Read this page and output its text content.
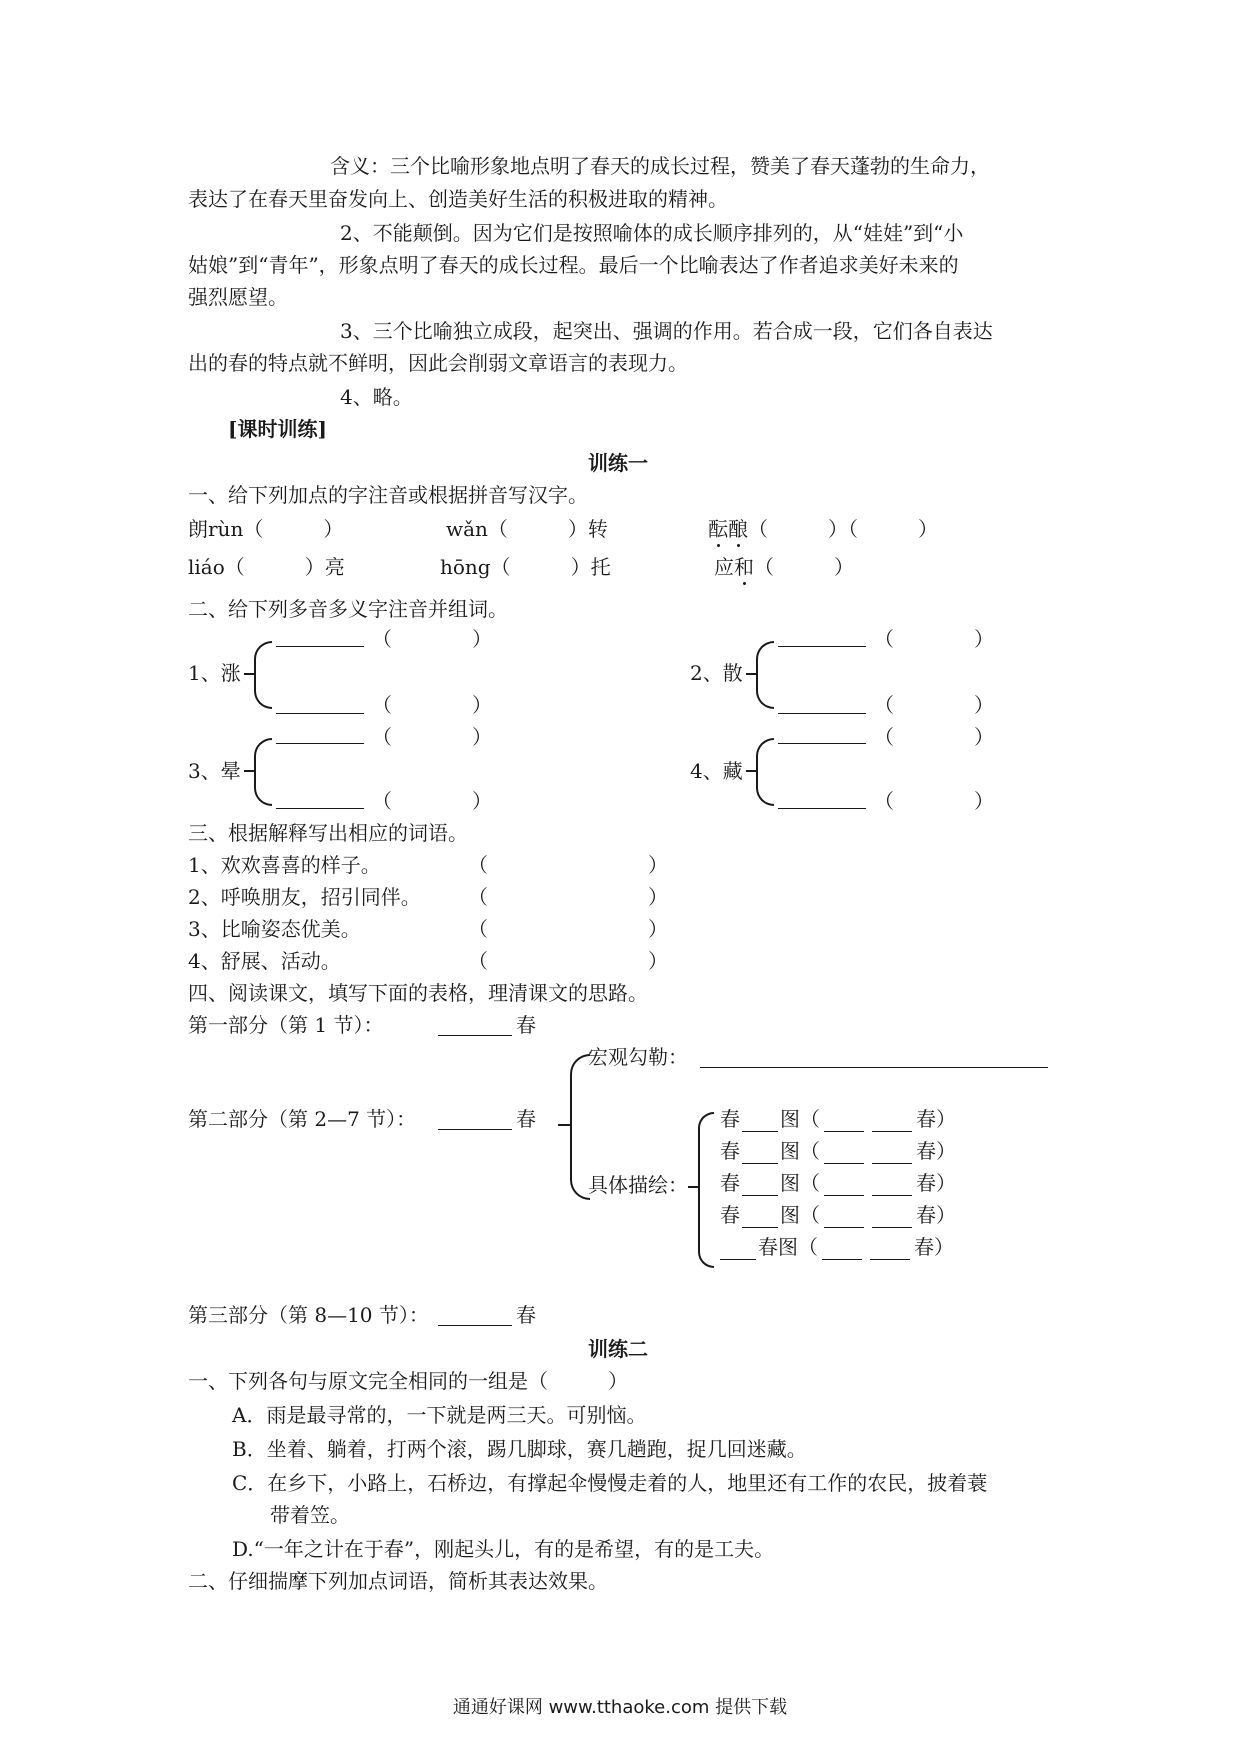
含义：三个比喻形象地点明了春天的成长过程，赞美了春天蓬勃的生命力，
表达了在春天里奋发向上、创造美好生活的积极进取的精神。
2、不能颠倒。因为它们是按照喻体的成长顺序排列的，从“娃娃”到“小
姑娘”到“青年”，形象点明了春天的成长过程。最后一个比喻表达了作者追求美好未来的
强烈愿望。
3、三个比喻独立成段，起突出、强调的作用。若合成一段，它们各自表达
出的春的特点就不鲜明，因此会削弱文章语言的表现力。
4、略。
[课时训练]
训练一
一、给下列加点的字注音或根据拼音写汉字。
朗rùn（　　　）	wǎn（　　　）转	酝酿（　　　）（　　　）
liáo（　　　）亮	hōng（　　　）托	应和（　　　）
二、给下列多音多义字注音并组词。
1、涨
（　　　　）
（　　　　）
2、散
（　　　　）
（　　　　）
3、晕
（　　　　）
（　　　　）
4、藏
（　　　　）
（　　　　）
三、根据解释写出相应的词语。
1、欢欢喜喜的样子。	（　　　　　　　　）
2、呼唤朋友，招引同伴。 （　　　　　　　　）
3、比喻姿态优美。	（　　　　　　　　）
4、舒展、活动。	（　　　　　　　　）
四、阅读课文，填写下面的表格，理清课文的思路。
第一部分（第 1 节）：	春
宏观勾勒：
第二部分（第 2—7 节）：	春
具体描绘：
春 图（	春）
春 图（	春）
春 图（	春）
春 图（	春）
春图（	春）
第三部分（第 8—10 节）：	春
训练二
一、下列各句与原文完全相同的一组是（　　　）
A．雨是最寻常的，一下就是两三天。可别恼。
B．坐着、躺着，打两个滚，踢几脚球，赛几趟跑，捉几回迷藏。
C．在乡下，小路上，石桥边，有撑起伞慢慢走着的人，地里还有工作的农民，披着蓑
带着笠。
D.“一年之计在于春”，刚起头儿，有的是希望，有的是工夫。
二、仔细揣摩下列加点词语，简析其表达效果。
通通好课网 www.tthaoke.com 提供下载
